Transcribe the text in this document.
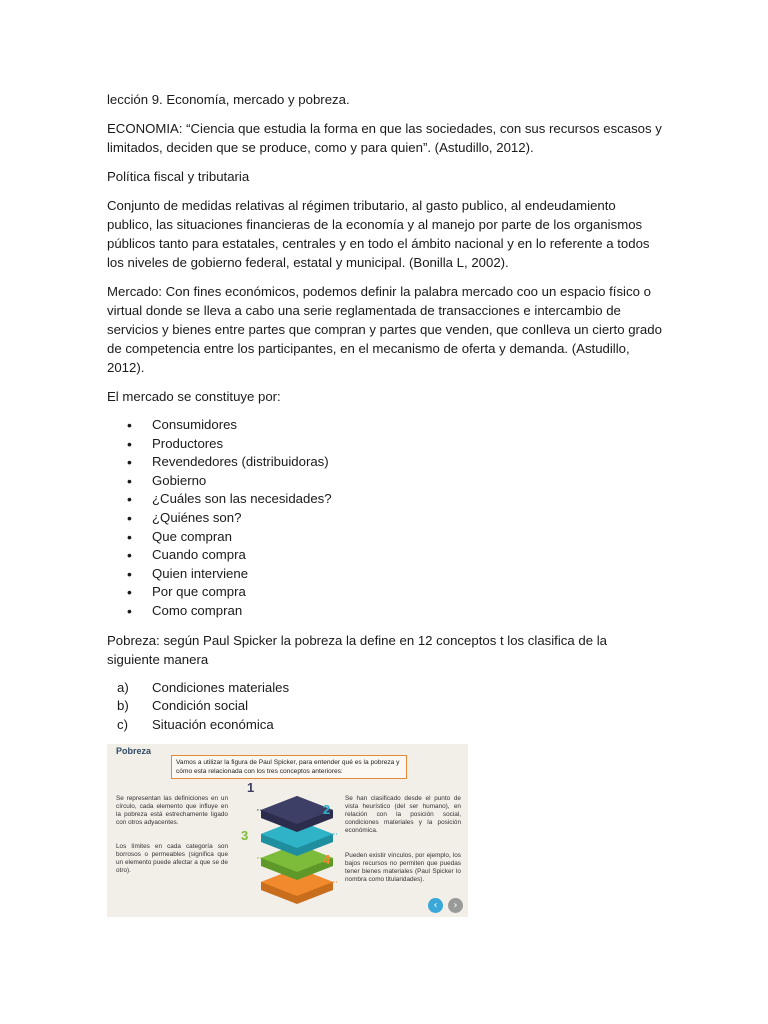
lección 9. Economía, mercado y pobreza.

ECONOMIA: “Ciencia que estudia la forma en que las sociedades, con sus recursos escasos y limitados, deciden que se produce, como y para quien”. (Astudillo, 2012).

Política fiscal y tributaria

Conjunto de medidas relativas al régimen tributario, al gasto publico, al endeudamiento publico, las situaciones financieras de la economía y al manejo por parte de los organismos públicos tanto para estatales, centrales y en todo el ámbito nacional y en lo referente a todos los niveles de gobierno federal, estatal y municipal. (Bonilla L, 2002).

Mercado: Con fines económicos, podemos definir la palabra mercado coo un espacio físico o virtual donde se lleva a cabo una serie reglamentada de transacciones e intercambio de servicios y bienes entre partes que compran y partes que venden, que conlleva un cierto grado de competencia entre los participantes, en el mecanismo de oferta y demanda. (Astudillo, 2012).

El mercado se constituye por:

• Consumidores
• Productores
• Revendedores (distribuidoras)
• Gobierno
• ¿Cuáles son las necesidades?
• ¿Quiénes son?
• Que compran
• Cuando compra
• Quien interviene
• Por que compra
• Como compran

Pobreza: según Paul Spicker la pobreza la define en 12 conceptos t los clasifica de la siguiente manera

a) Condiciones materiales
b) Condición social
c) Situación económica
Pobreza
Vamos a utilizar la figura de Paul Spicker, para entender qué es la pobreza y cómo esta relacionada con los tres conceptos anteriores:
Se representan las definiciones en un círculo, cada elemento que influye en la pobreza está estrechamente ligado con otros adyacentes.
Los límites en cada categoría son borrosos o permeables (significa que un elemento puede afectar a que se de otro).
Se han clasificado desde el punto de vista heurístico (del ser humano), en relación con la posición social, condiciones materiales y la posición económica.
Pueden existir vínculos, por ejemplo, los bajos recursos no permiten que puedas tener bienes materiales (Paul Spicker lo nombra como titularidades).
1
2
3
4
‹	›
